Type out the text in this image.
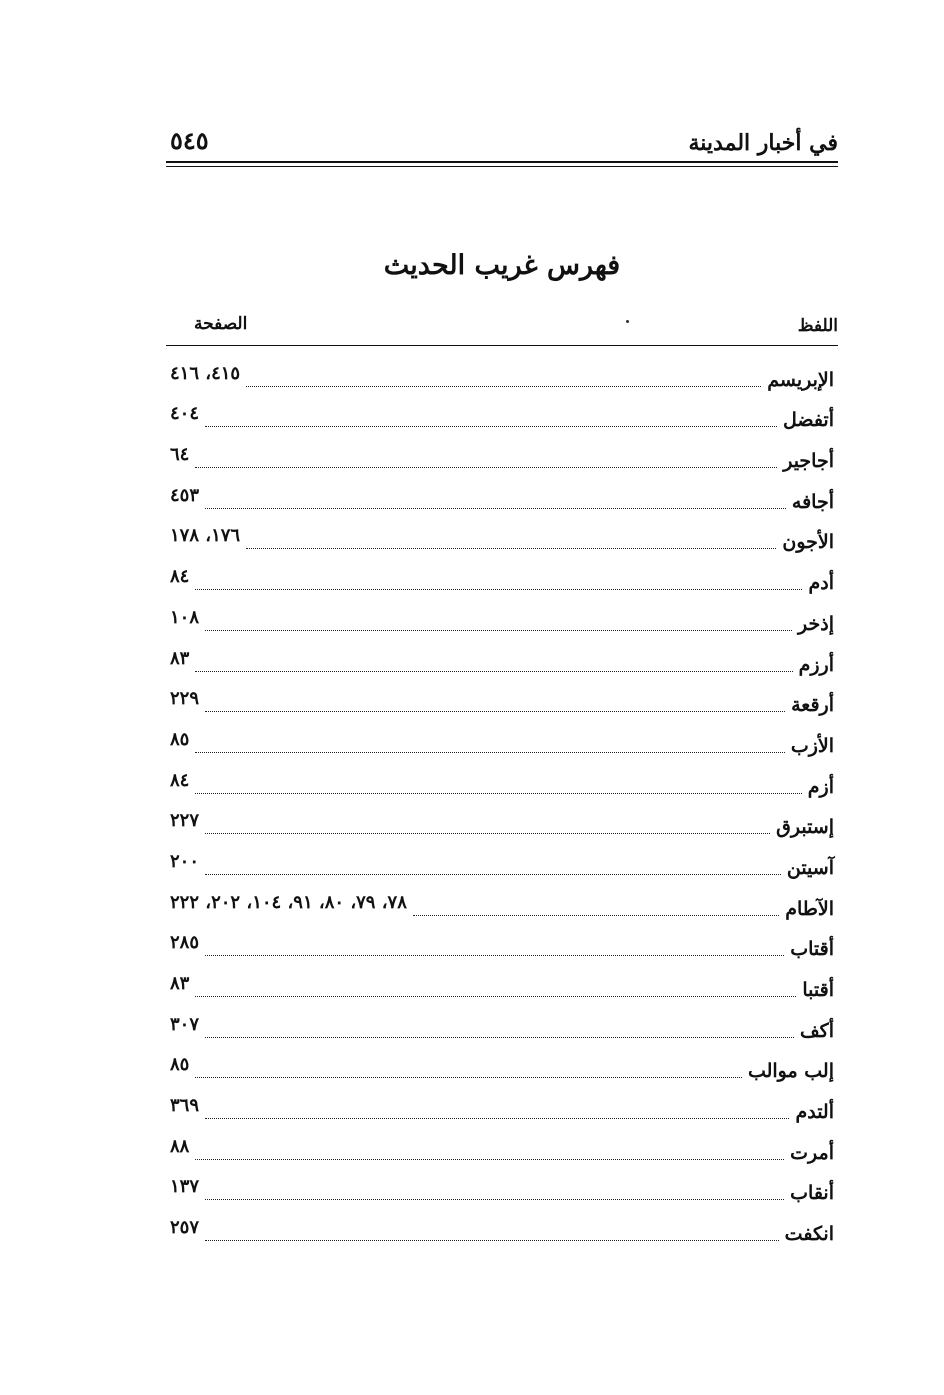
في أخبار المدينة
٥٤٥
فهرس غريب الحديث
اللفظ
الصفحة
الإبريسم
٤١٥، ٤١٦
أتفضل
٤٠٤
أجاجير
٦٤
أجافه
٤٥٣
الأجون
١٧٦، ١٧٨
أدم
٨٤
إذخر
١٠٨
أرزم
٨٣
أرقعة
٢٢٩
الأزب
٨٥
أزم
٨٤
إستبرق
٢٢٧
آسيتن
٢٠٠
الآطام
٧٨، ٧٩، ٨٠، ٩١، ١٠٤، ٢٠٢، ٢٢٢
أقتاب
٢٨٥
أقتبا
٨٣
أكف
٣٠٧
إلب موالب
٨٥
ألتدم
٣٦٩
أمرت
٨٨
أنقاب
١٣٧
انكفت
٢٥٧
